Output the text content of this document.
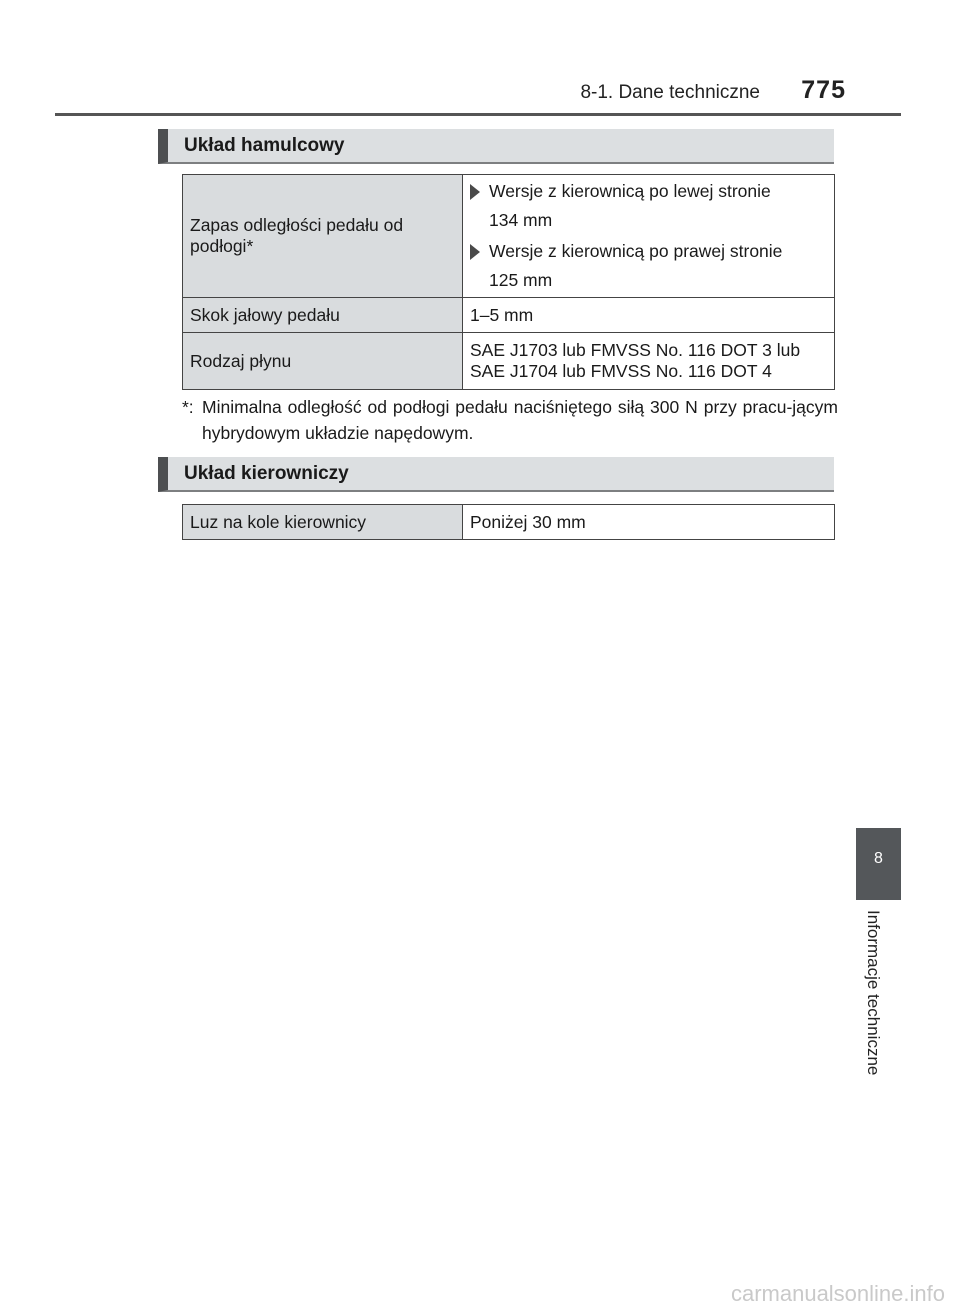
8-1. Dane techniczne 775
Układ hamulcowy
Zapas odległości pedału od podłogi*	Wersje z kierownicą po lewej stronie
134 mm
Wersje z kierownicą po prawej stronie
125 mm

Skok jałowy pedału	1–5 mm
Rodzaj płynu	SAE J1703 lub FMVSS No. 116 DOT 3 lub
SAE J1704 lub FMVSS No. 116 DOT 4
*: Minimalna odległość od podłogi pedału naciśniętego siłą 300 N przy pracu-jącym hybrydowym układzie napędowym.
Układ kierowniczy
Luz na kole kierownicy	Poniżej 30 mm
8
Informacje techniczne
carmanualsonline.info
